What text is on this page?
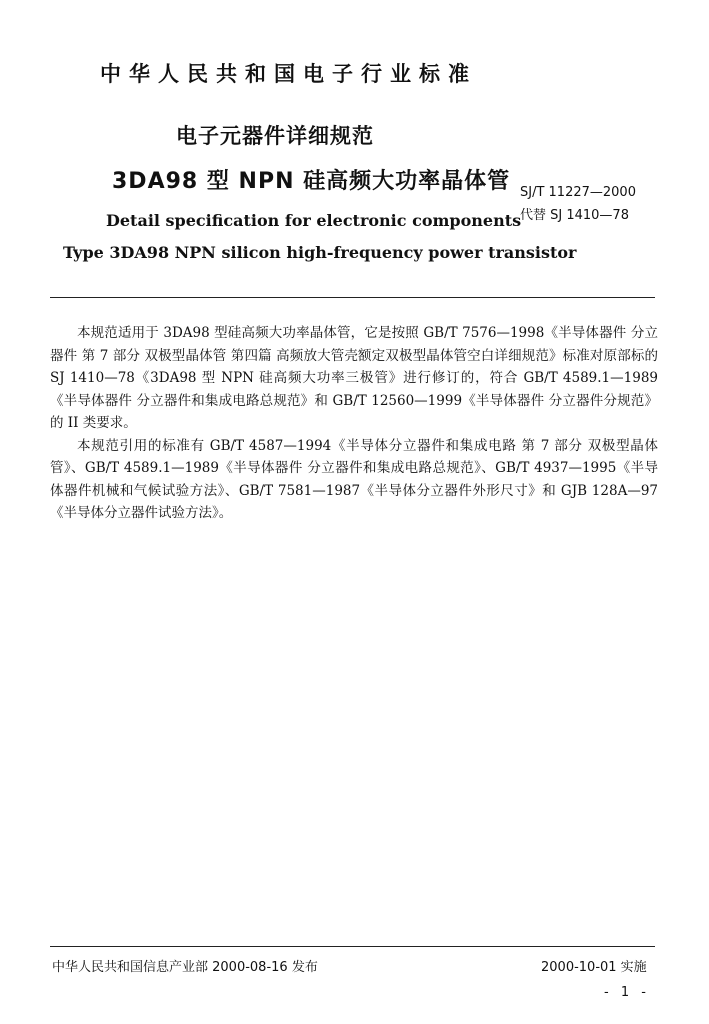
中华人民共和国电子行业标准
电子元器件详细规范
3DA98 型 NPN 硅高频大功率晶体管 SJ/T 11227—2000
代替 SJ 1410—78
Detail specification for electronic components
Type 3DA98 NPN silicon high-frequency power transistor

本规范适用于 3DA98 型硅高频大功率晶体管，它是按照 GB/T 7576—1998《半导体器件 分立器件 第 7 部分 双极型晶体管 第四篇 高频放大管壳额定双极型晶体管空白详细规范》标准对原部标的 SJ 1410—78《3DA98 型 NPN 硅高频大功率三极管》进行修订的，符合 GB/T 4589.1—1989《半导体器件 分立器件和集成电路总规范》和 GB/T 12560—1999《半导体器件 分立器件分规范》的 II 类要求。

本规范引用的标准有 GB/T 4587—1994《半导体分立器件和集成电路 第 7 部分 双极型晶体管》、GB/T 4589.1—1989《半导体器件 分立器件和集成电路总规范》、GB/T 4937—1995《半导体器件机械和气候试验方法》、GB/T 7581—1987《半导体分立器件外形尺寸》和 GJB 128A—97《半导体分立器件试验方法》。

中华人民共和国信息产业部 2000-08-16 发布	2000-10-01 实施
- 1 -
